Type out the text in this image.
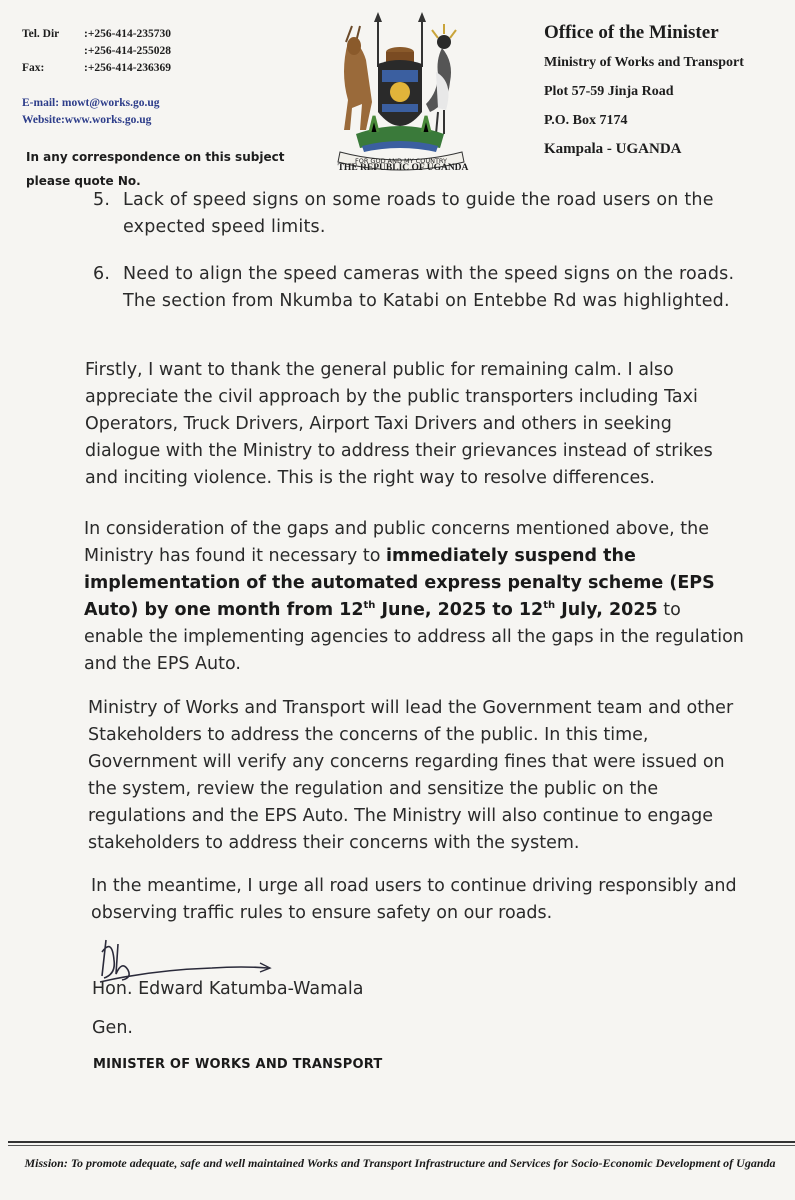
Tel. Dir	:+256-414-235730
:+256-414-255028
Fax:	:+256-414-236369
E-mail: mowt@works.go.ug
Website:www.works.go.ug
In any correspondence on this subject
please quote No.
FOR GOD AND MY COUNTRY
THE REPUBLIC OF UGANDA
Office of the Minister
Ministry of Works and Transport
Plot 57-59 Jinja Road
P.O. Box 7174
Kampala - UGANDA
5. Lack of speed signs on some roads to guide the road users on the expected speed limits.
6. Need to align the speed cameras with the speed signs on the roads. The section from Nkumba to Katabi on Entebbe Rd was highlighted.

Firstly, I want to thank the general public for remaining calm. I also appreciate the civil approach by the public transporters including Taxi Operators, Truck Drivers, Airport Taxi Drivers and others in seeking dialogue with the Ministry to address their grievances instead of strikes and inciting violence. This is the right way to resolve differences.

In consideration of the gaps and public concerns mentioned above, the Ministry has found it necessary to immediately suspend the implementation of the automated express penalty scheme (EPS Auto) by one month from 12th June, 2025 to 12th July, 2025 to enable the implementing agencies to address all the gaps in the regulation and the EPS Auto.

Ministry of Works and Transport will lead the Government team and other Stakeholders to address the concerns of the public. In this time, Government will verify any concerns regarding fines that were issued on the system, review the regulation and sensitize the public on the regulations and the EPS Auto. The Ministry will also continue to engage stakeholders to address their concerns with the system.

In the meantime, I urge all road users to continue driving responsibly and observing traffic rules to ensure safety on our roads.

Hon. Edward Katumba-Wamala
Gen.
MINISTER OF WORKS AND TRANSPORT
Mission: To promote adequate, safe and well maintained Works and Transport Infrastructure and Services for Socio-Economic Development of Uganda
